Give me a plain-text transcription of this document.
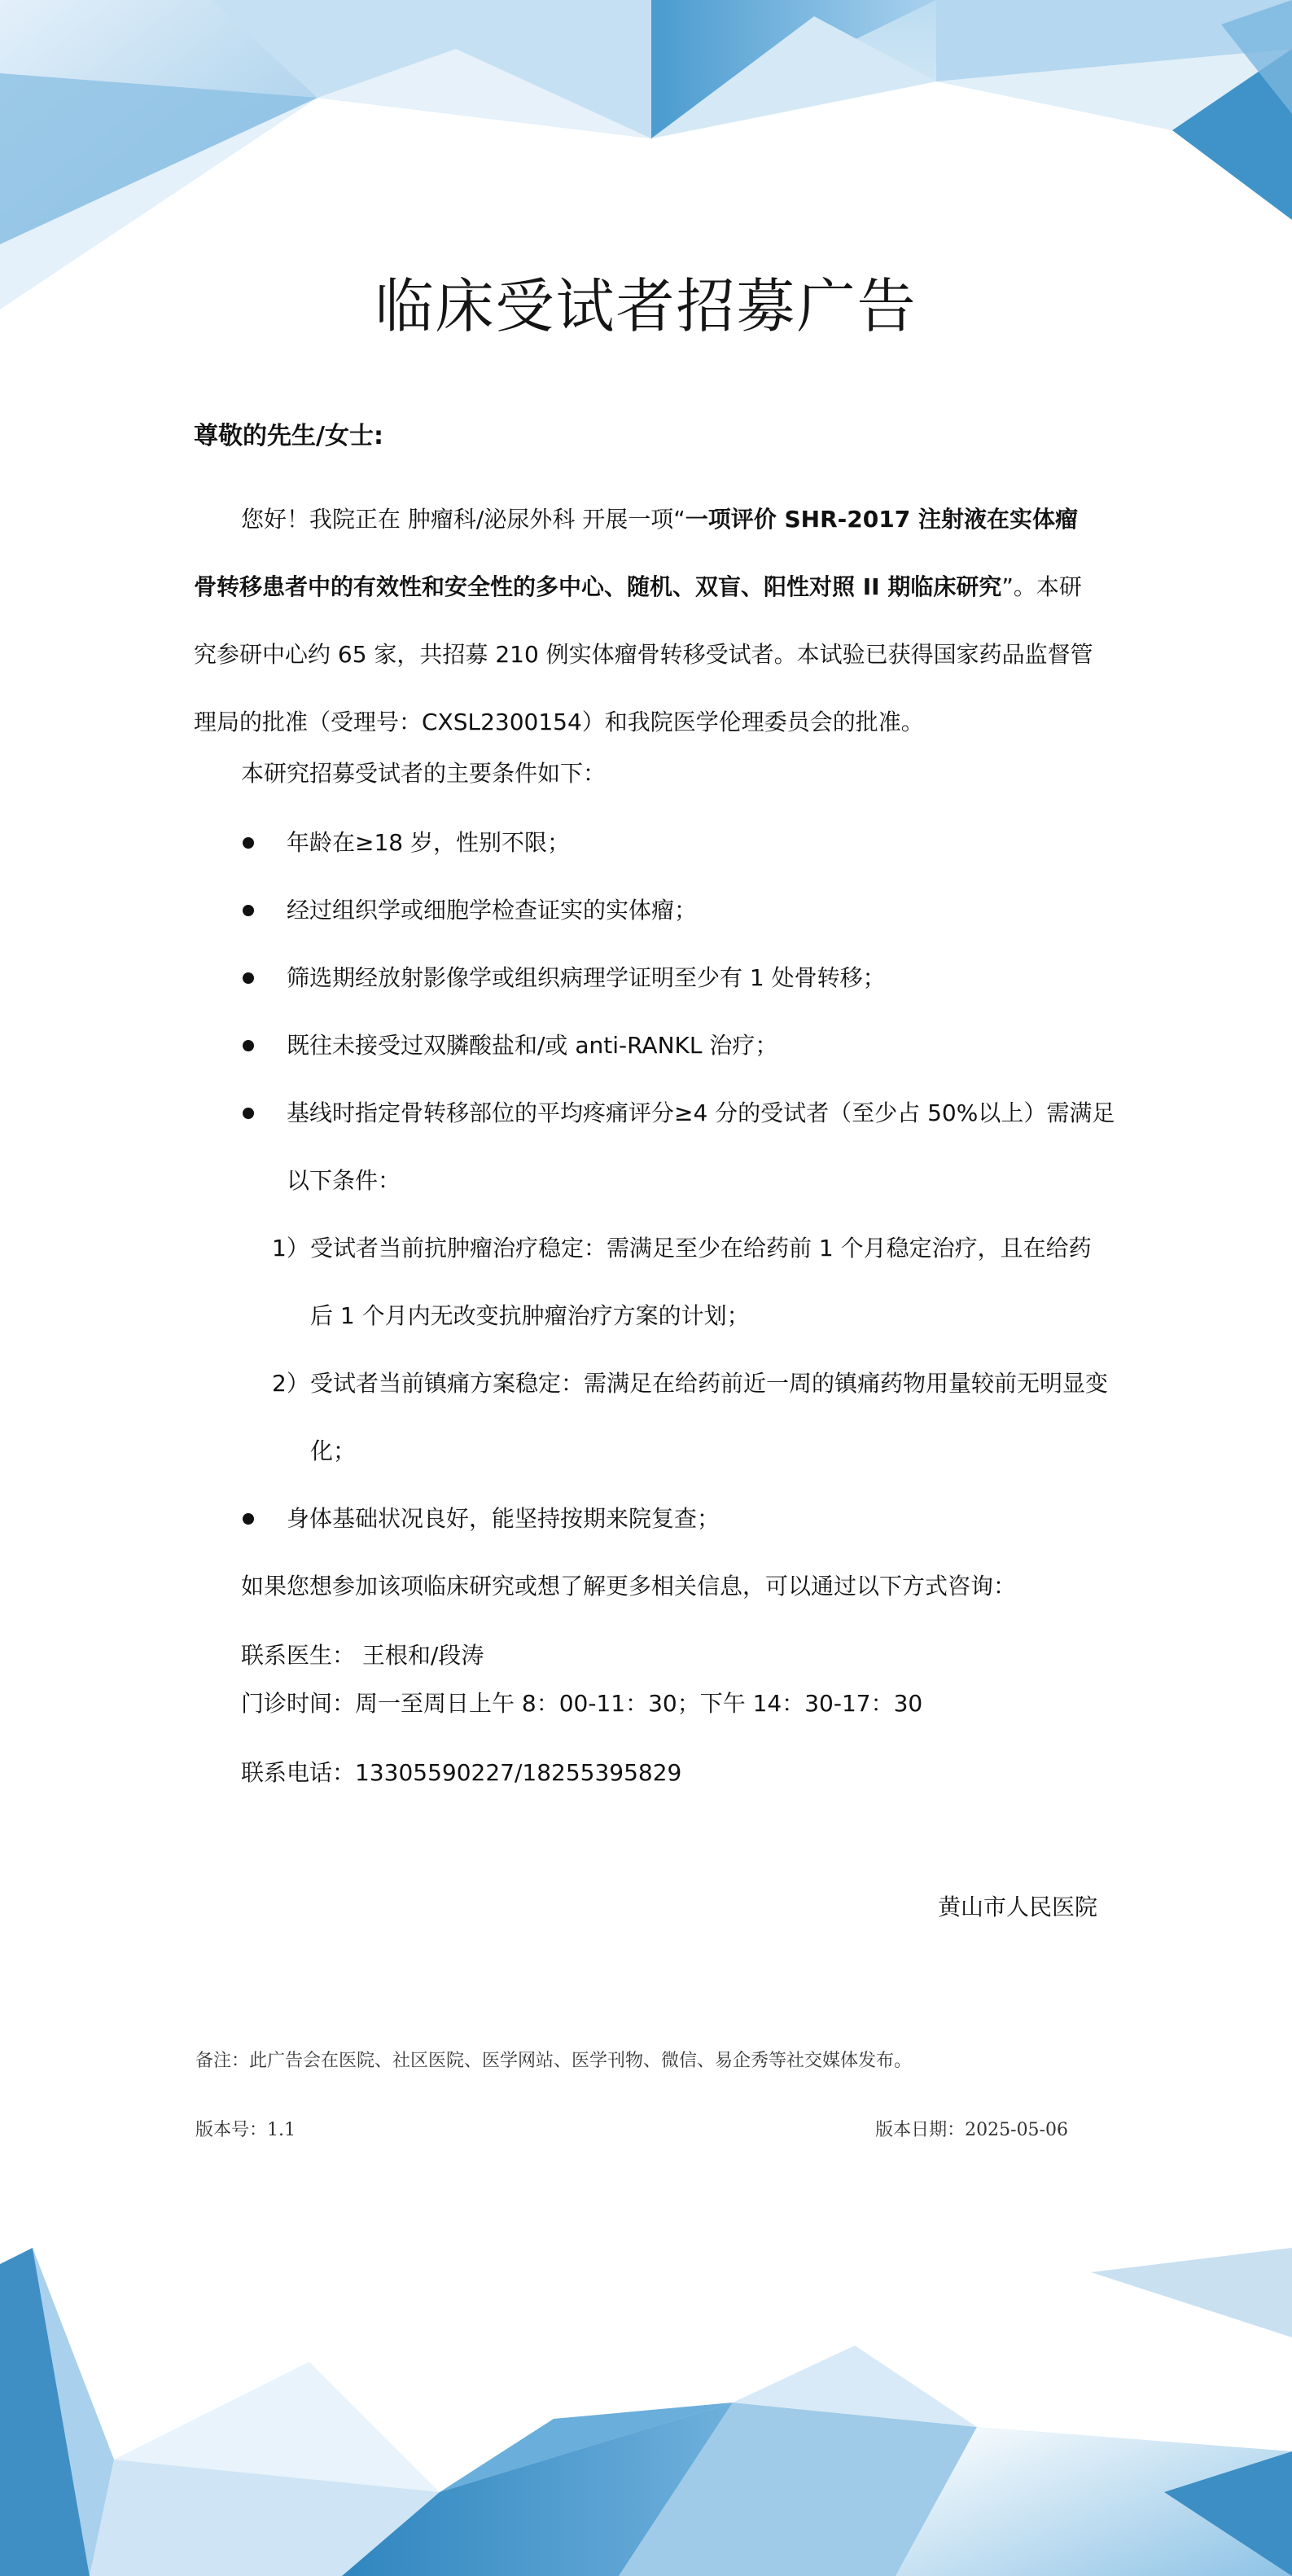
临床受试者招募广告
尊敬的先生/女士:
您好！我院正在 肿瘤科/泌尿外科 开展一项“一项评价 SHR-2017 注射液在实体瘤骨转移患者中的有效性和安全性的多中心、随机、双盲、阳性对照 II 期临床研究”。本研究参研中心约 65 家，共招募 210 例实体瘤骨转移受试者。本试验已获得国家药品监督管理局的批准（受理号：CXSL2300154）和我院医学伦理委员会的批准。
本研究招募受试者的主要条件如下：
年龄在≥18 岁，性别不限；
经过组织学或细胞学检查证实的实体瘤；
筛选期经放射影像学或组织病理学证明至少有 1 处骨转移；
既往未接受过双膦酸盐和/或 anti-RANKL 治疗；
基线时指定骨转移部位的平均疼痛评分≥4 分的受试者（至少占 50%以上）需满足
以下条件：
1） 受试者当前抗肿瘤治疗稳定：需满足至少在给药前 1 个月稳定治疗，且在给药
后 1 个月内无改变抗肿瘤治疗方案的计划；
2） 受试者当前镇痛方案稳定：需满足在给药前近一周的镇痛药物用量较前无明显变
化；
身体基础状况良好，能坚持按期来院复查；
如果您想参加该项临床研究或想了解更多相关信息，可以通过以下方式咨询：
联系医生： 王根和/段涛
门诊时间：周一至周日上午 8：00-11：30；下午 14：30-17：30
联系电话：13305590227/18255395829
黄山市人民医院
备注：此广告会在医院、社区医院、医学网站、医学刊物、微信、易企秀等社交媒体发布。
版本号：1.1	版本日期：2025-05-06
